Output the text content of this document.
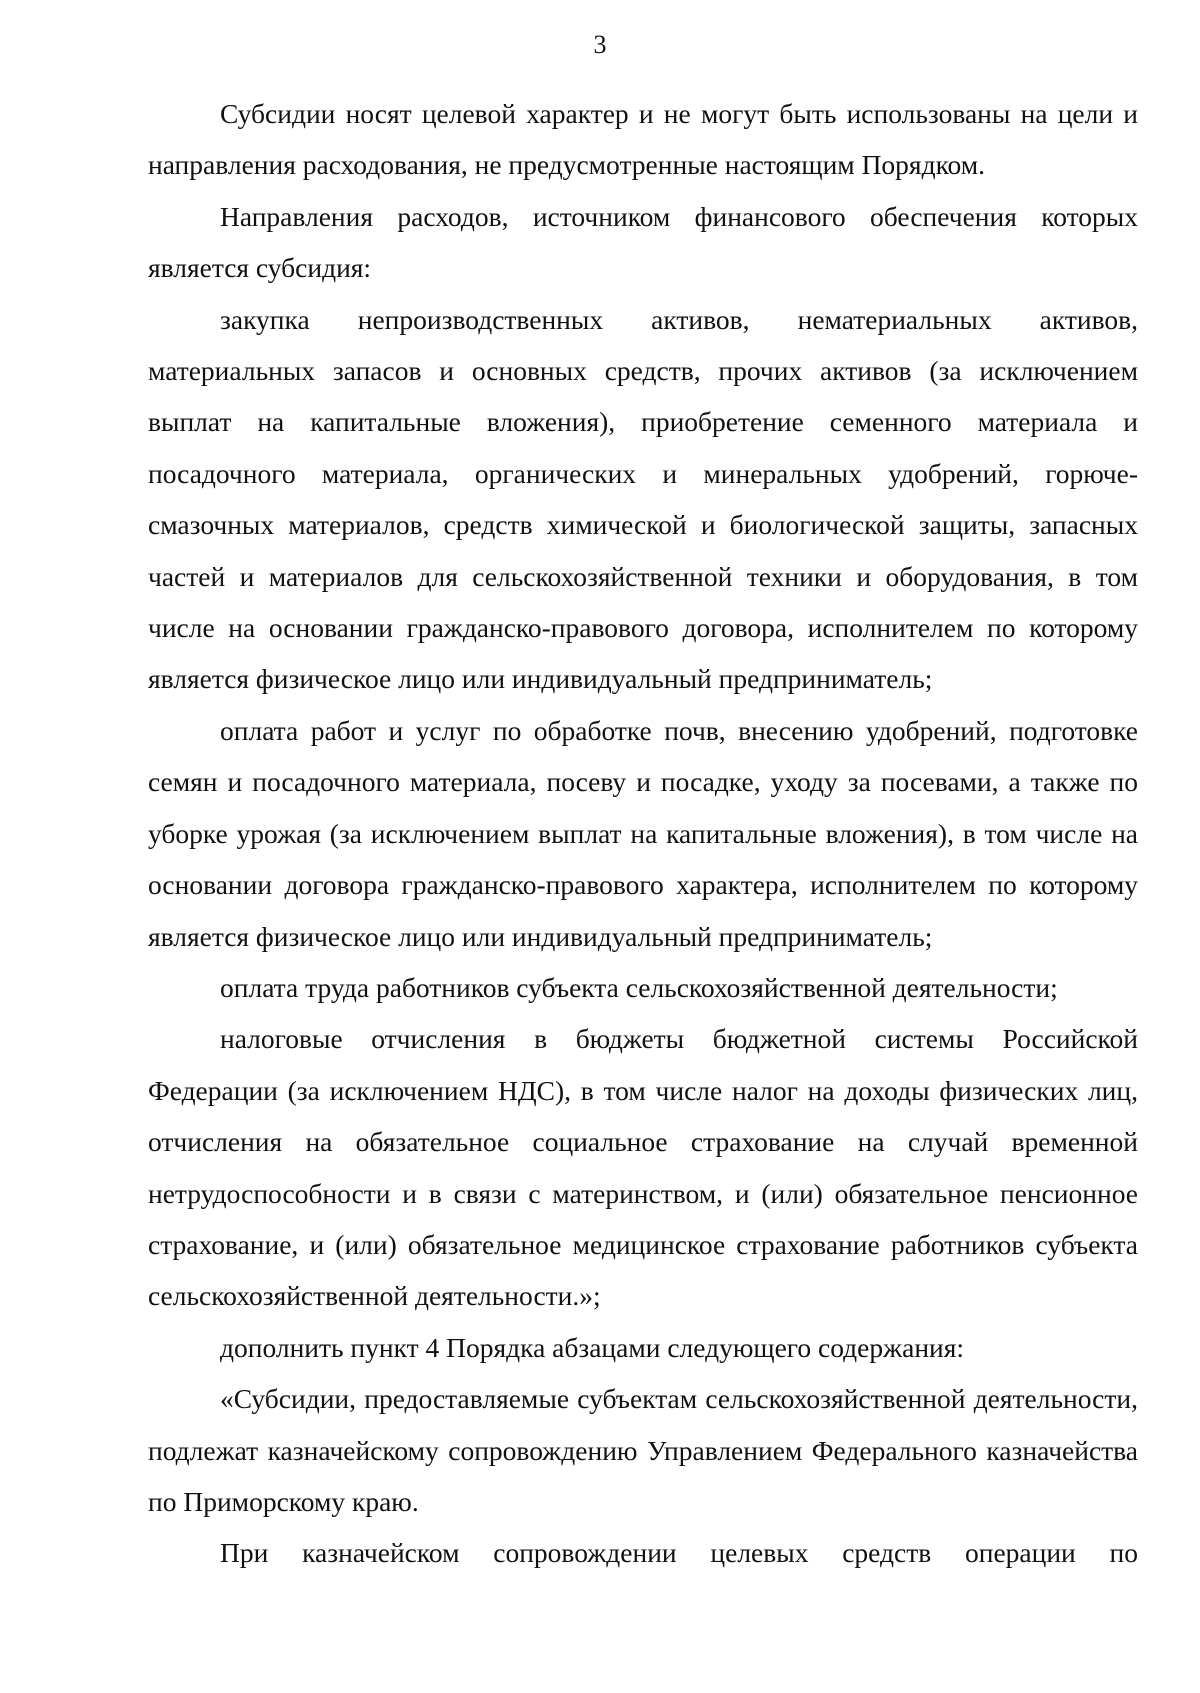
3

Субсидии носят целевой характер и не могут быть использованы на цели и направления расходования, не предусмотренные настоящим Порядком.

Направления расходов, источником финансового обеспечения которых является субсидия:

закупка непроизводственных активов, нематериальных активов, материальных запасов и основных средств, прочих активов (за исключением выплат на капитальные вложения), приобретение семенного материала и посадочного материала, органических и минеральных удобрений, горюче-смазочных материалов, средств химической и биологической защиты, запасных частей и материалов для сельскохозяйственной техники и оборудования, в том числе на основании гражданско-правового договора, исполнителем по которому является физическое лицо или индивидуальный предприниматель;

оплата работ и услуг по обработке почв, внесению удобрений, подготовке семян и посадочного материала, посеву и посадке, уходу за посевами, а также по уборке урожая (за исключением выплат на капитальные вложения), в том числе на основании договора гражданско-правового характера, исполнителем по которому является физическое лицо или индивидуальный предприниматель;

оплата труда работников субъекта сельскохозяйственной деятельности;

налоговые отчисления в бюджеты бюджетной системы Российской Федерации (за исключением НДС), в том числе налог на доходы физических лиц, отчисления на обязательное социальное страхование на случай временной нетрудоспособности и в связи с материнством, и (или) обязательное пенсионное страхование, и (или) обязательное медицинское страхование работников субъекта сельскохозяйственной деятельности.»;

дополнить пункт 4 Порядка абзацами следующего содержания:

«Субсидии, предоставляемые субъектам сельскохозяйственной деятельности, подлежат казначейскому сопровождению Управлением Федерального казначейства по Приморскому краю.

При казначейском сопровождении целевых средств операции по
